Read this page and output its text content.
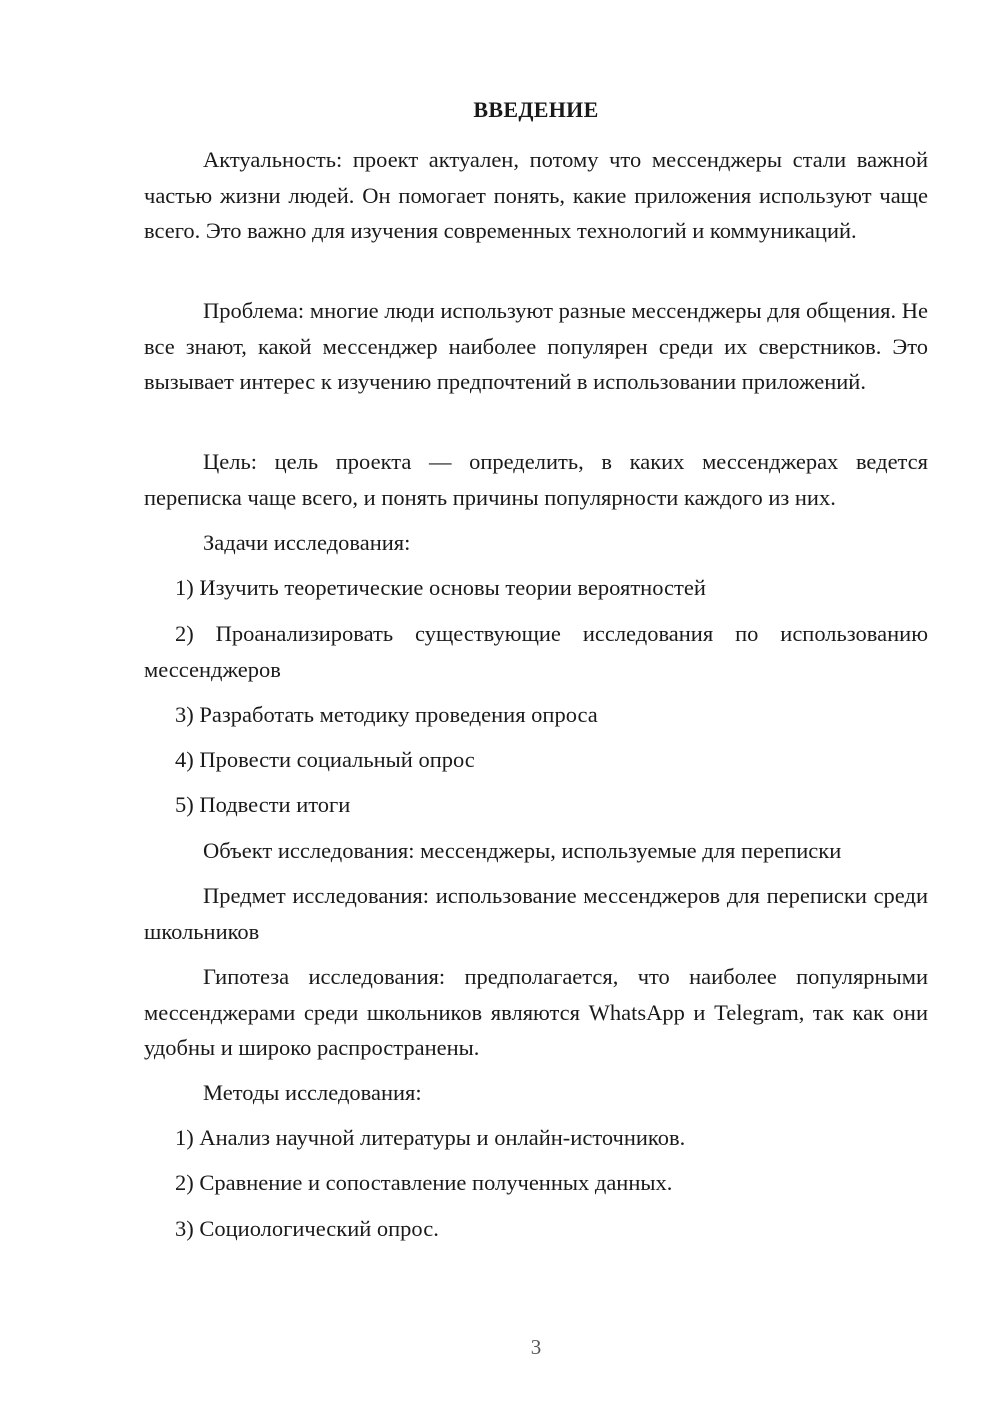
ВВЕДЕНИЕ

Актуальность: проект актуален, потому что мессенджеры стали важной частью жизни людей. Он помогает понять, какие приложения используют чаще всего. Это важно для изучения современных технологий и коммуникаций.

Проблема: многие люди используют разные мессенджеры для общения. Не все знают, какой мессенджер наиболее популярен среди их сверстников. Это вызывает интерес к изучению предпочтений в использовании приложений.

Цель: цель проекта — определить, в каких мессенджерах ведется переписка чаще всего, и понять причины популярности каждого из них.

Задачи исследования:

1) Изучить теоретические основы теории вероятностей

2) Проанализировать существующие исследования по использованию мессенджеров

3) Разработать методику проведения опроса

4) Провести социальный опрос

5) Подвести итоги

Объект исследования: мессенджеры, используемые для переписки

Предмет исследования: использование мессенджеров для переписки среди школьников

Гипотеза исследования: предполагается, что наиболее популярными мессенджерами среди школьников являются WhatsApp и Telegram, так как они удобны и широко распространены.

Методы исследования:

1) Анализ научной литературы и онлайн-источников.

2) Сравнение и сопоставление полученных данных.

3) Социологический опрос.

3
